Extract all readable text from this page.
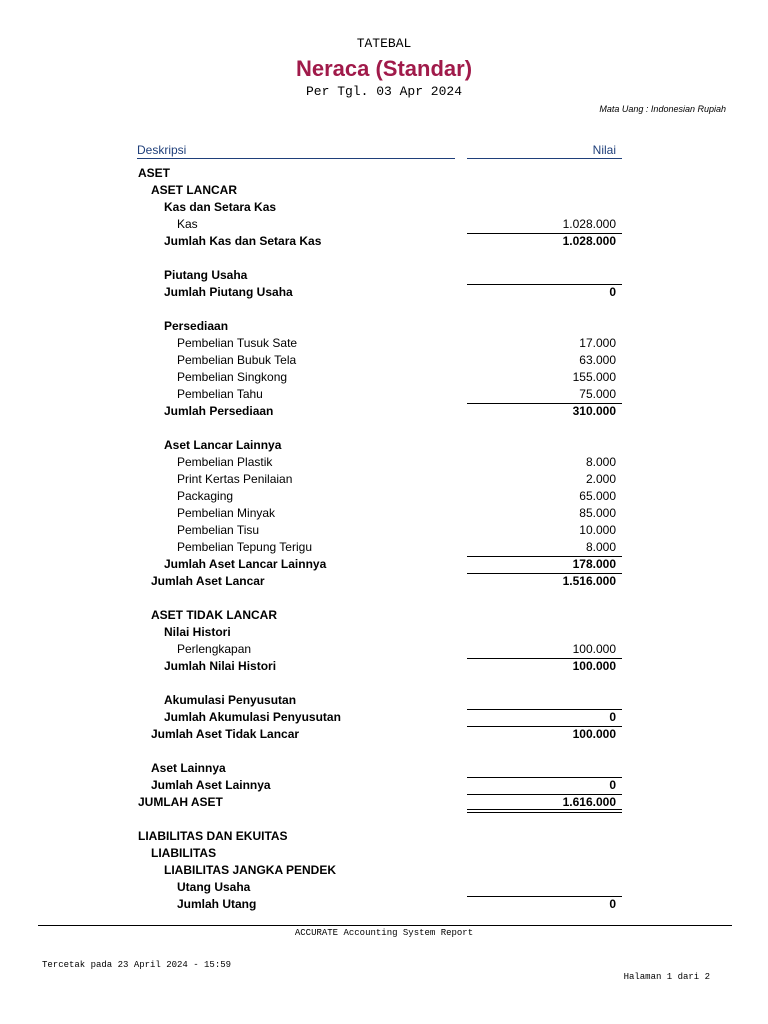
TATEBAL
Neraca (Standar)
Per Tgl. 03 Apr 2024
Mata Uang : Indonesian Rupiah
Deskripsi	Nilai
ASET
ASET LANCAR
Kas dan Setara Kas
Kas	1.028.000
Jumlah Kas dan Setara Kas	1.028.000
Piutang Usaha
Jumlah Piutang Usaha	0
Persediaan
Pembelian Tusuk Sate	17.000
Pembelian Bubuk Tela	63.000
Pembelian Singkong	155.000
Pembelian Tahu	75.000
Jumlah Persediaan	310.000
Aset Lancar Lainnya
Pembelian Plastik	8.000
Print Kertas Penilaian	2.000
Packaging	65.000
Pembelian Minyak	85.000
Pembelian Tisu	10.000
Pembelian Tepung Terigu	8.000
Jumlah Aset Lancar Lainnya	178.000
Jumlah Aset Lancar	1.516.000
ASET TIDAK LANCAR
Nilai Histori
Perlengkapan	100.000
Jumlah Nilai Histori	100.000
Akumulasi Penyusutan
Jumlah Akumulasi Penyusutan	0
Jumlah Aset Tidak Lancar	100.000
Aset Lainnya
Jumlah Aset Lainnya	0
JUMLAH ASET	1.616.000
LIABILITAS DAN EKUITAS
LIABILITAS
LIABILITAS JANGKA PENDEK
Utang Usaha
Jumlah Utang	0
ACCURATE Accounting System Report
Tercetak pada 23 April 2024 - 15:59
Halaman 1 dari 2
